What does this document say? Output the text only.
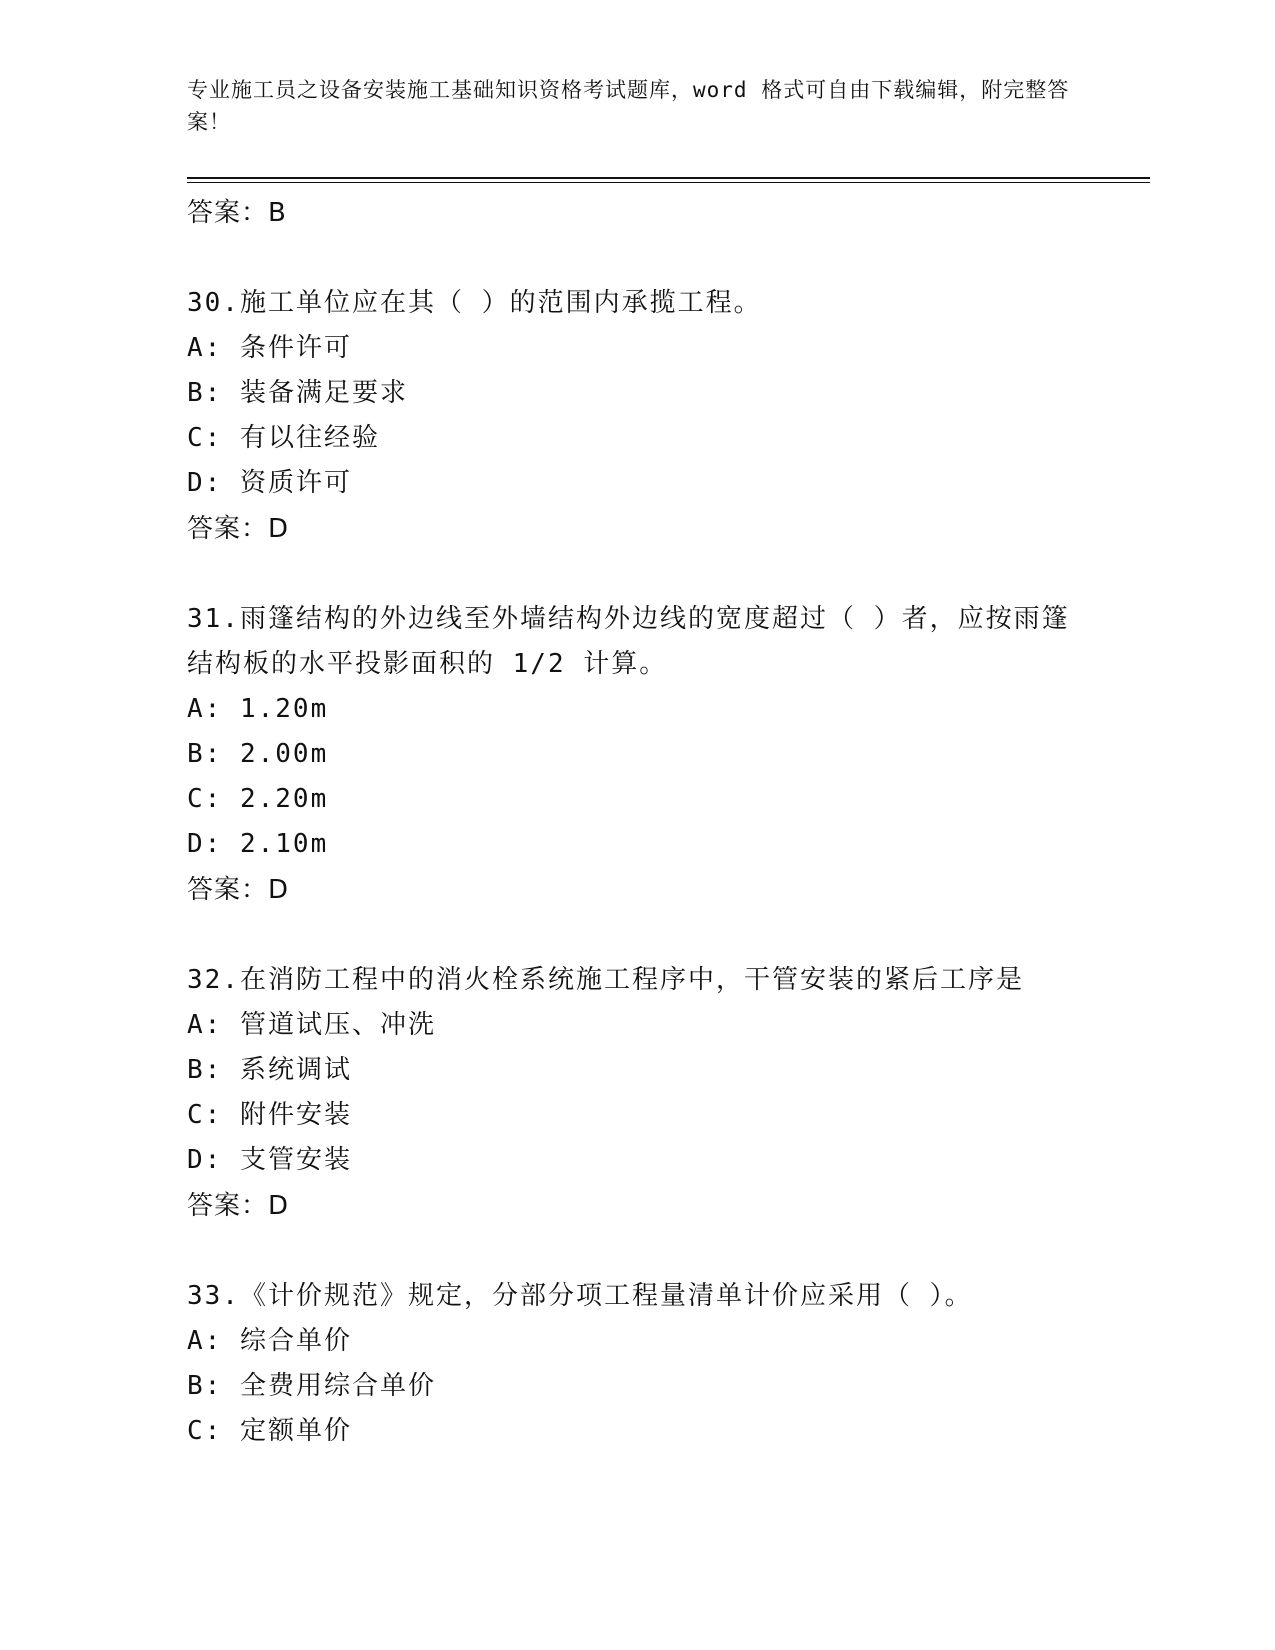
专业施工员之设备安装施工基础知识资格考试题库，word 格式可自由下载编辑，附完整答案！
答案：B
30.施工单位应在其（ ）的范围内承揽工程。
A: 条件许可
B: 装备满足要求
C: 有以往经验
D: 资质许可
答案：D
31.雨篷结构的外边线至外墙结构外边线的宽度超过（ ）者，应按雨篷结构板的水平投影面积的 1/2 计算。
A: 1.20m
B: 2.00m
C: 2.20m
D: 2.10m
答案：D
32.在消防工程中的消火栓系统施工程序中，干管安装的紧后工序是
A: 管道试压、冲洗
B: 系统调试
C: 附件安装
D: 支管安装
答案：D
33.《计价规范》规定，分部分项工程量清单计价应采用（ ）。
A: 综合单价
B: 全费用综合单价
C: 定额单价
